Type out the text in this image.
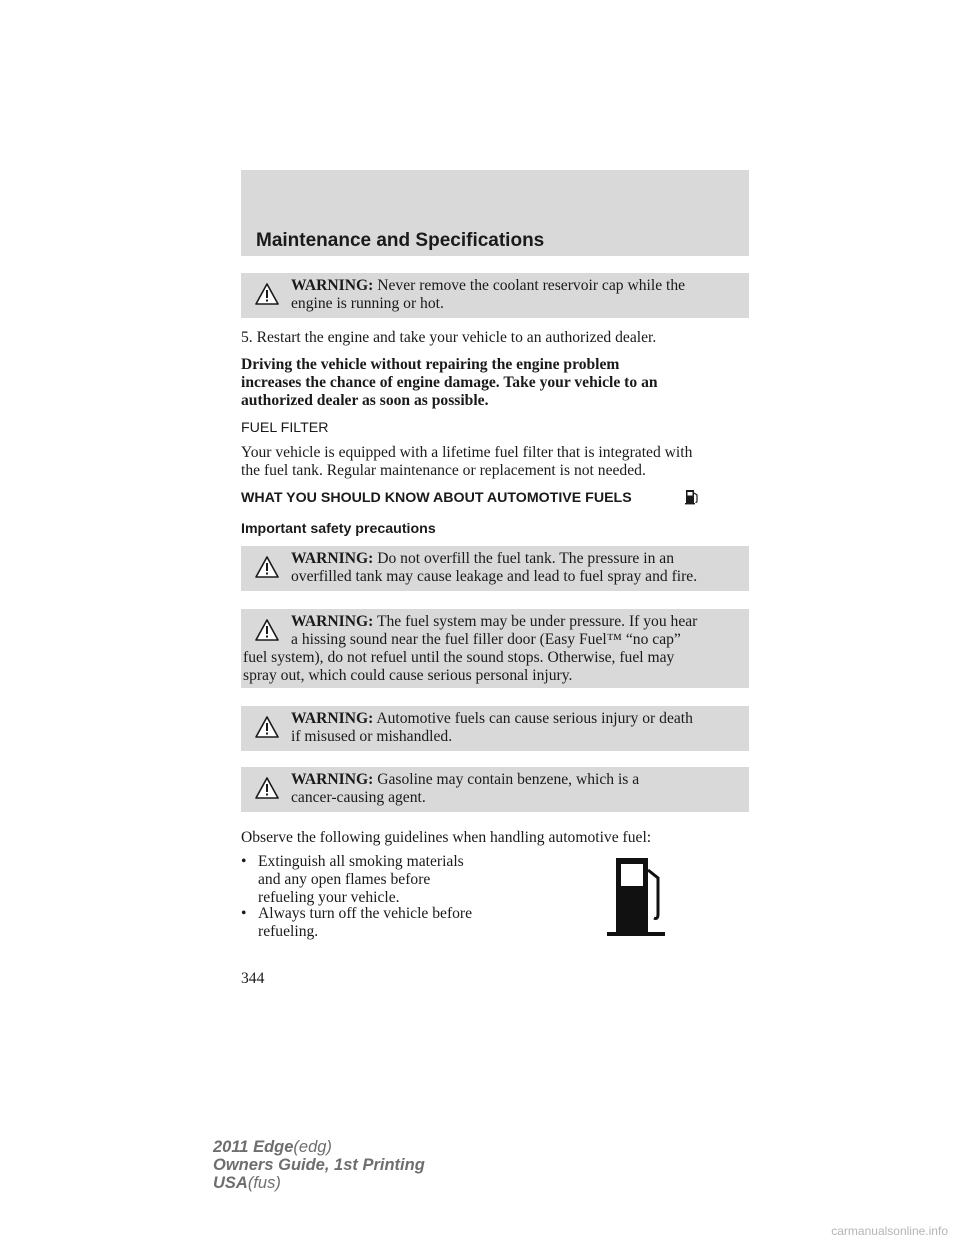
Maintenance and Specifications
WARNING: Never remove the coolant reservoir cap while the
engine is running or hot.
5. Restart the engine and take your vehicle to an authorized dealer.
Driving the vehicle without repairing the engine problem
increases the chance of engine damage. Take your vehicle to an
authorized dealer as soon as possible.
FUEL FILTER
Your vehicle is equipped with a lifetime fuel filter that is integrated with
the fuel tank. Regular maintenance or replacement is not needed.
WHAT YOU SHOULD KNOW ABOUT AUTOMOTIVE FUELS
Important safety precautions
WARNING: Do not overfill the fuel tank. The pressure in an
overfilled tank may cause leakage and lead to fuel spray and fire.
WARNING: The fuel system may be under pressure. If you hear
a hissing sound near the fuel filler door (Easy Fuel™ “no cap”
fuel system), do not refuel until the sound stops. Otherwise, fuel may
spray out, which could cause serious personal injury.
WARNING: Automotive fuels can cause serious injury or death
if misused or mishandled.
WARNING: Gasoline may contain benzene, which is a
cancer-causing agent.
Observe the following guidelines when handling automotive fuel:
• Extinguish all smoking materials
and any open flames before
refueling your vehicle.
• Always turn off the vehicle before
refueling.
344
2011 Edge(edg)
Owners Guide, 1st Printing
USA(fus)
carmanualsonline.info
